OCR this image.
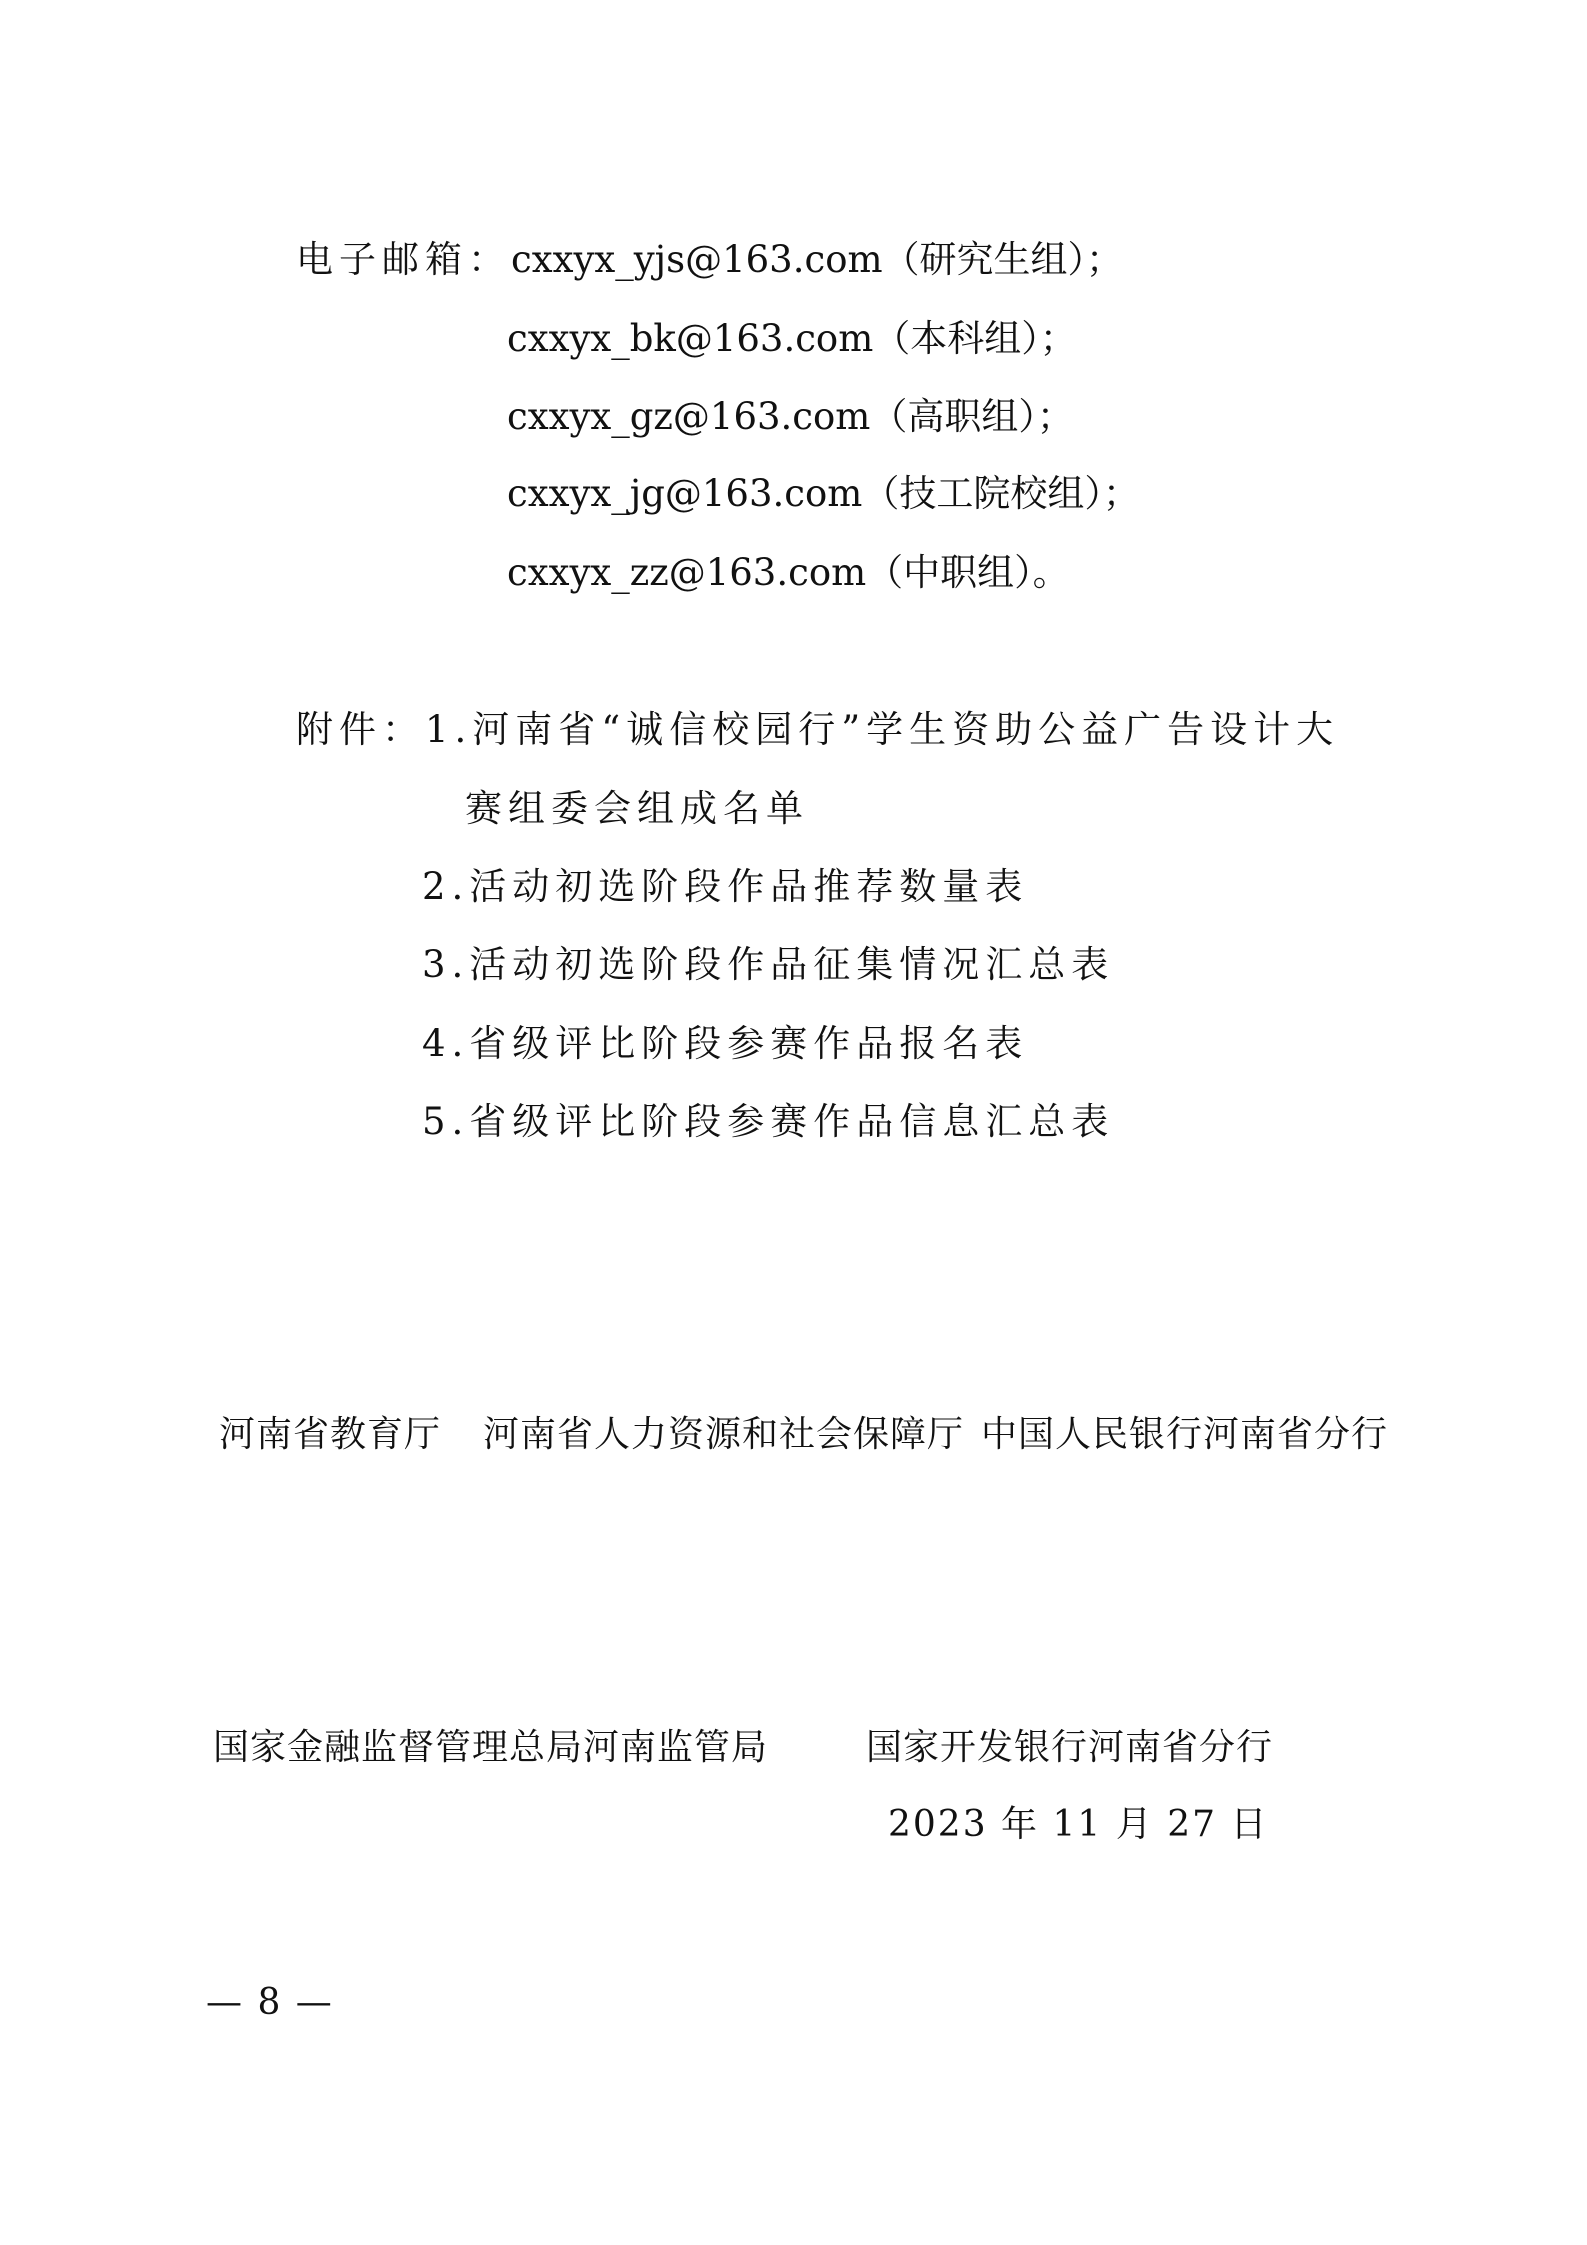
电子邮箱：cxxyx_yjs@163.com（研究生组）；
cxxyx_bk@163.com（本科组）；
cxxyx_gz@163.com（高职组）；
cxxyx_jg@163.com（技工院校组）；
cxxyx_zz@163.com（中职组）。
附件：1.河南省“诚信校园行”学生资助公益广告设计大
赛组委会组成名单
2.活动初选阶段作品推荐数量表
3.活动初选阶段作品征集情况汇总表
4.省级评比阶段参赛作品报名表
5.省级评比阶段参赛作品信息汇总表
河南省教育厅 河南省人力资源和社会保障厅 中国人民银行河南省分行
国家金融监督管理总局河南监管局	国家开发银行河南省分行
2023 年 11 月 27 日
— 8 —
